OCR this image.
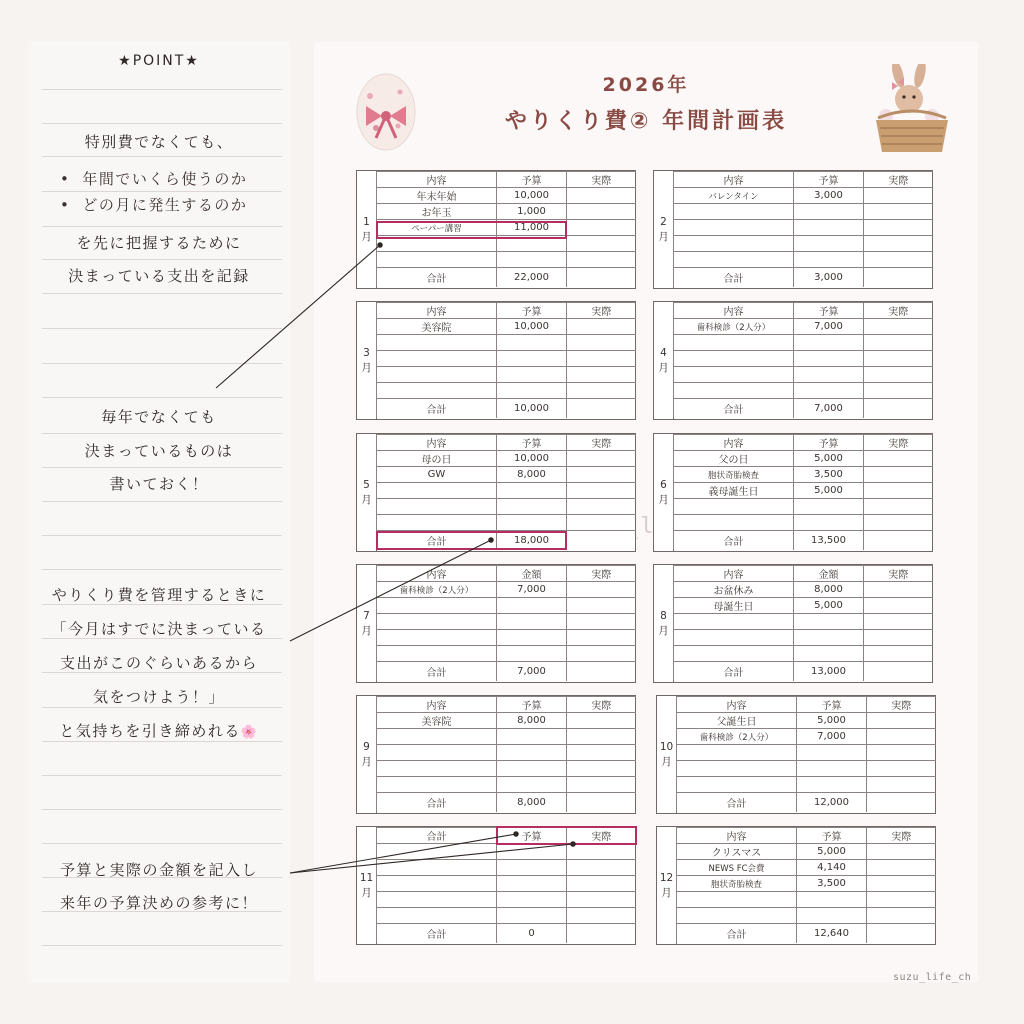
★POINT★
特別費でなくても、
• 年間でいくら使うのか
• どの月に発生するのか
を先に把握するために
決まっている支出を記録
毎年でなくても
決まっているものは
書いておく！
やりくり費を管理するときに
「今月はすでに決まっている
支出がこのぐらいあるから
気をつけよう！」
と気持ちを引き締めれる🌸
予算と実際の金額を記入し
来年の予算決めの参考に！
2026年
やりくり費② 年間計画表
suzu_life_ch
1
月
内容	予算	実際
年末年始	10,000	
お年玉	1,000	
ペーパー講習	11,000	

合計	22,000	
2
月
内容	予算	実際
バレンタイン	3,000	

合計	3,000	
3
月
内容	予算	実際
美容院	10,000	

合計	10,000	
4
月
内容	予算	実際
歯科検診（2人分）	7,000	

合計	7,000	
5
月
内容	予算	実際
母の日	10,000	
GW	8,000	

合計	18,000	
6
月
内容	予算	実際
父の日	5,000	
胞状奇胎検査	3,500	
義母誕生日	5,000	

合計	13,500	
7
月
内容	金額	実際
歯科検診（2人分）	7,000	

合計	7,000	
8
月
内容	金額	実際
お盆休み	8,000	
母誕生日	5,000	

合計	13,000	
9
月
内容	予算	実際
美容院	8,000	

合計	8,000	
10
月
内容	予算	実際
父誕生日	5,000	
歯科検診（2人分）	7,000	

合計	12,000	
11
月
合計	予算	実際

合計	0	
12
月
内容	予算	実際
クリスマス	5,000	
NEWS FC会費	4,140	
胞状奇胎検査	3,500	

合計	12,640	
